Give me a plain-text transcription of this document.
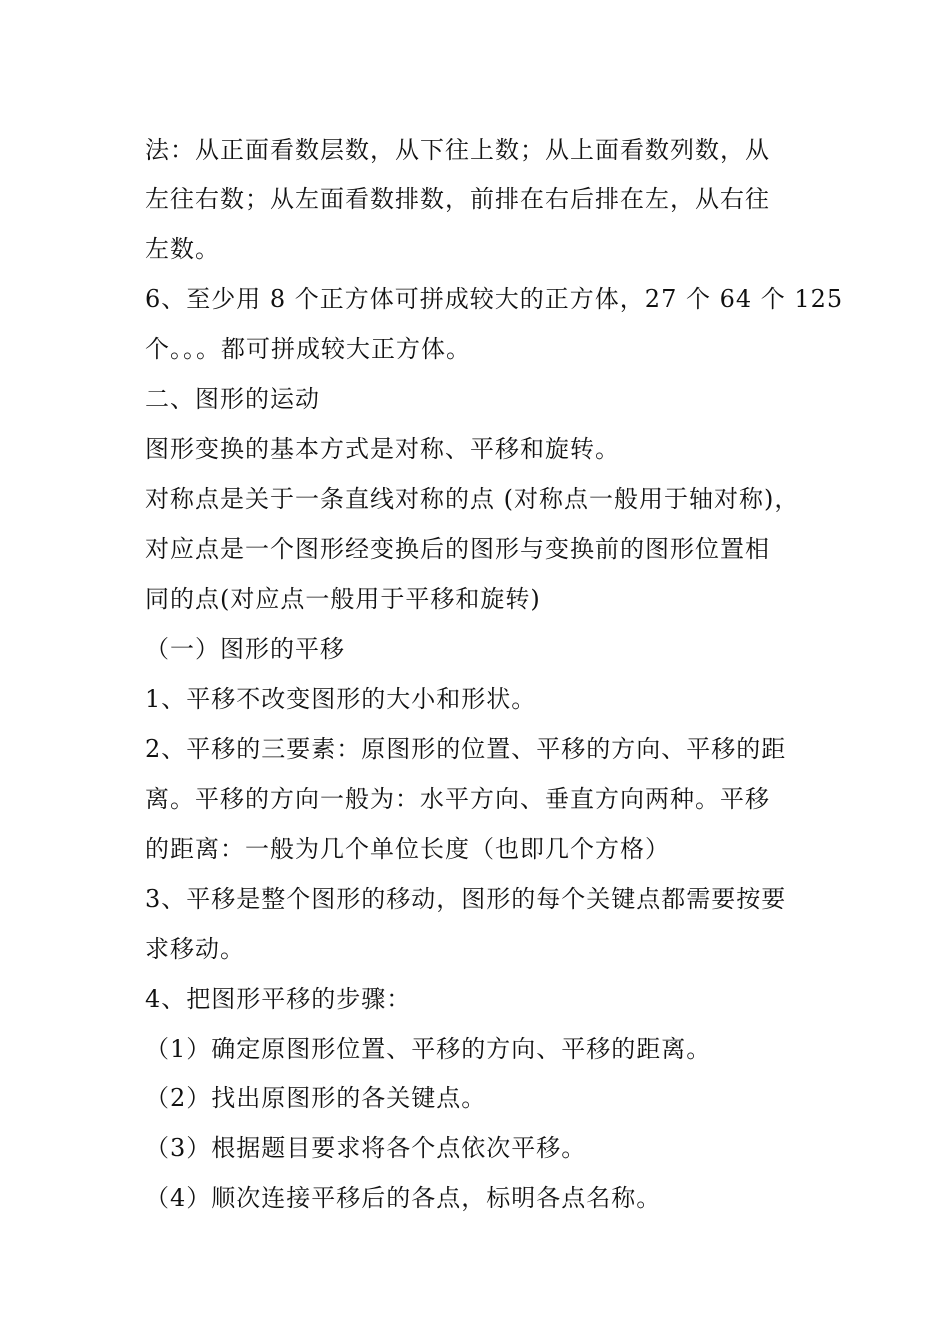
法：从正面看数层数，从下往上数；从上面看数列数，从
左往右数；从左面看数排数，前排在右后排在左，从右往
左数。
6、至少用 8 个正方体可拼成较大的正方体，27 个 64 个 125
个。。。都可拼成较大正方体。
二、图形的运动
图形变换的基本方式是对称、平移和旋转。
对称点是关于一条直线对称的点 (对称点一般用于轴对称)，
对应点是一个图形经变换后的图形与变换前的图形位置相
同的点(对应点一般用于平移和旋转)
（一）图形的平移
1、平移不改变图形的大小和形状。
2、平移的三要素：原图形的位置、平移的方向、平移的距
离。平移的方向一般为：水平方向、垂直方向两种。平移
的距离：一般为几个单位长度（也即几个方格）
3、平移是整个图形的移动，图形的每个关键点都需要按要
求移动。
4、把图形平移的步骤：
（1）确定原图形位置、平移的方向、平移的距离。
（2）找出原图形的各关键点。
（3）根据题目要求将各个点依次平移。
（4）顺次连接平移后的各点，标明各点名称。
